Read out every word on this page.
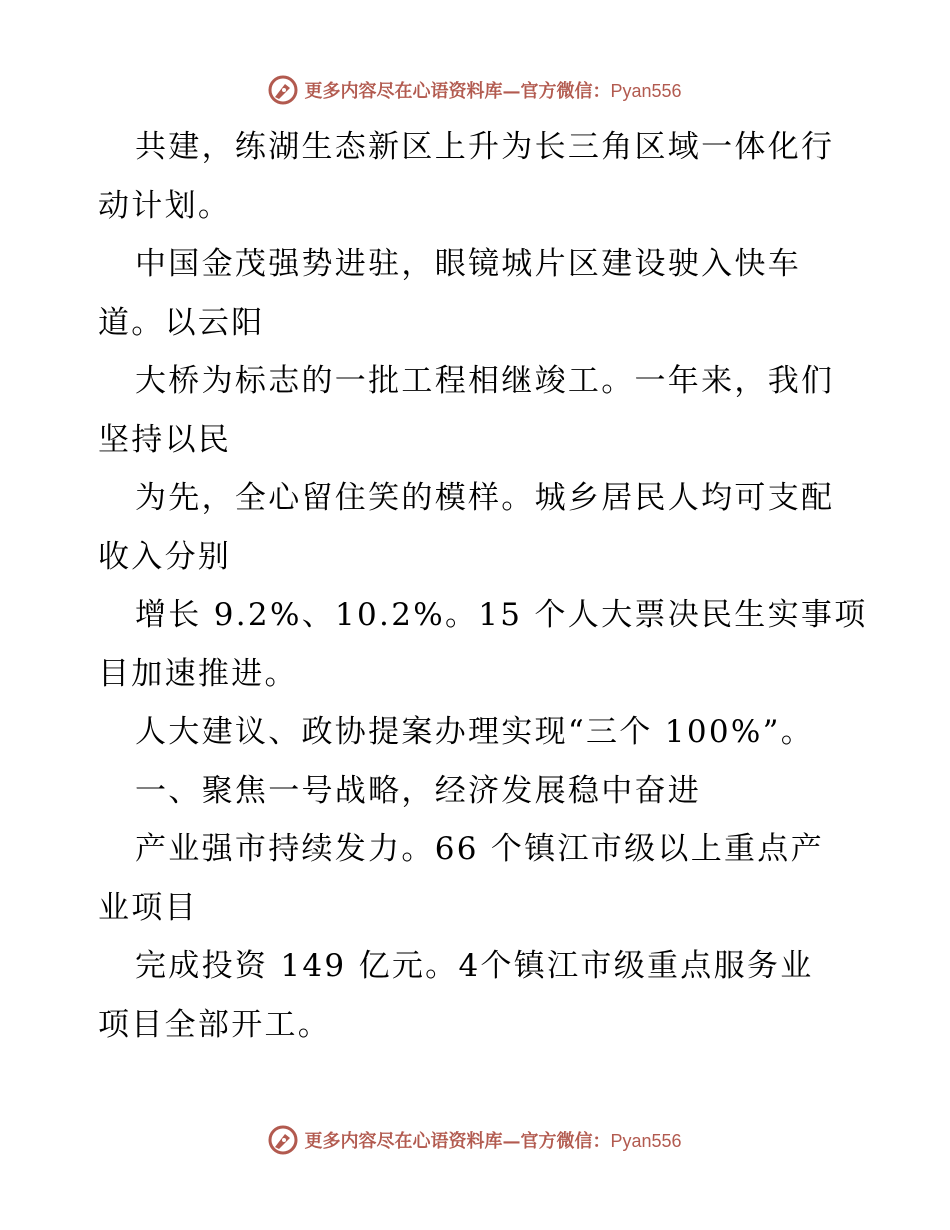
更多内容尽在心语资料库—官方微信：Pyan556
共建，练湖生态新区上升为长三角区域一体化行
动计划。
中国金茂强势进驻，眼镜城片区建设驶入快车
道。以云阳
大桥为标志的一批工程相继竣工。一年来，我们
坚持以民
为先，全心留住笑的模样。城乡居民人均可支配
收入分别
增长 9.2%、10.2%。15 个人大票决民生实事项
目加速推进。
人大建议、政协提案办理实现“三个 100%”。
一、聚焦一号战略，经济发展稳中奋进
产业强市持续发力。66 个镇江市级以上重点产
业项目
完成投资 149 亿元。4个镇江市级重点服务业
项目全部开工。
更多内容尽在心语资料库—官方微信：Pyan556
